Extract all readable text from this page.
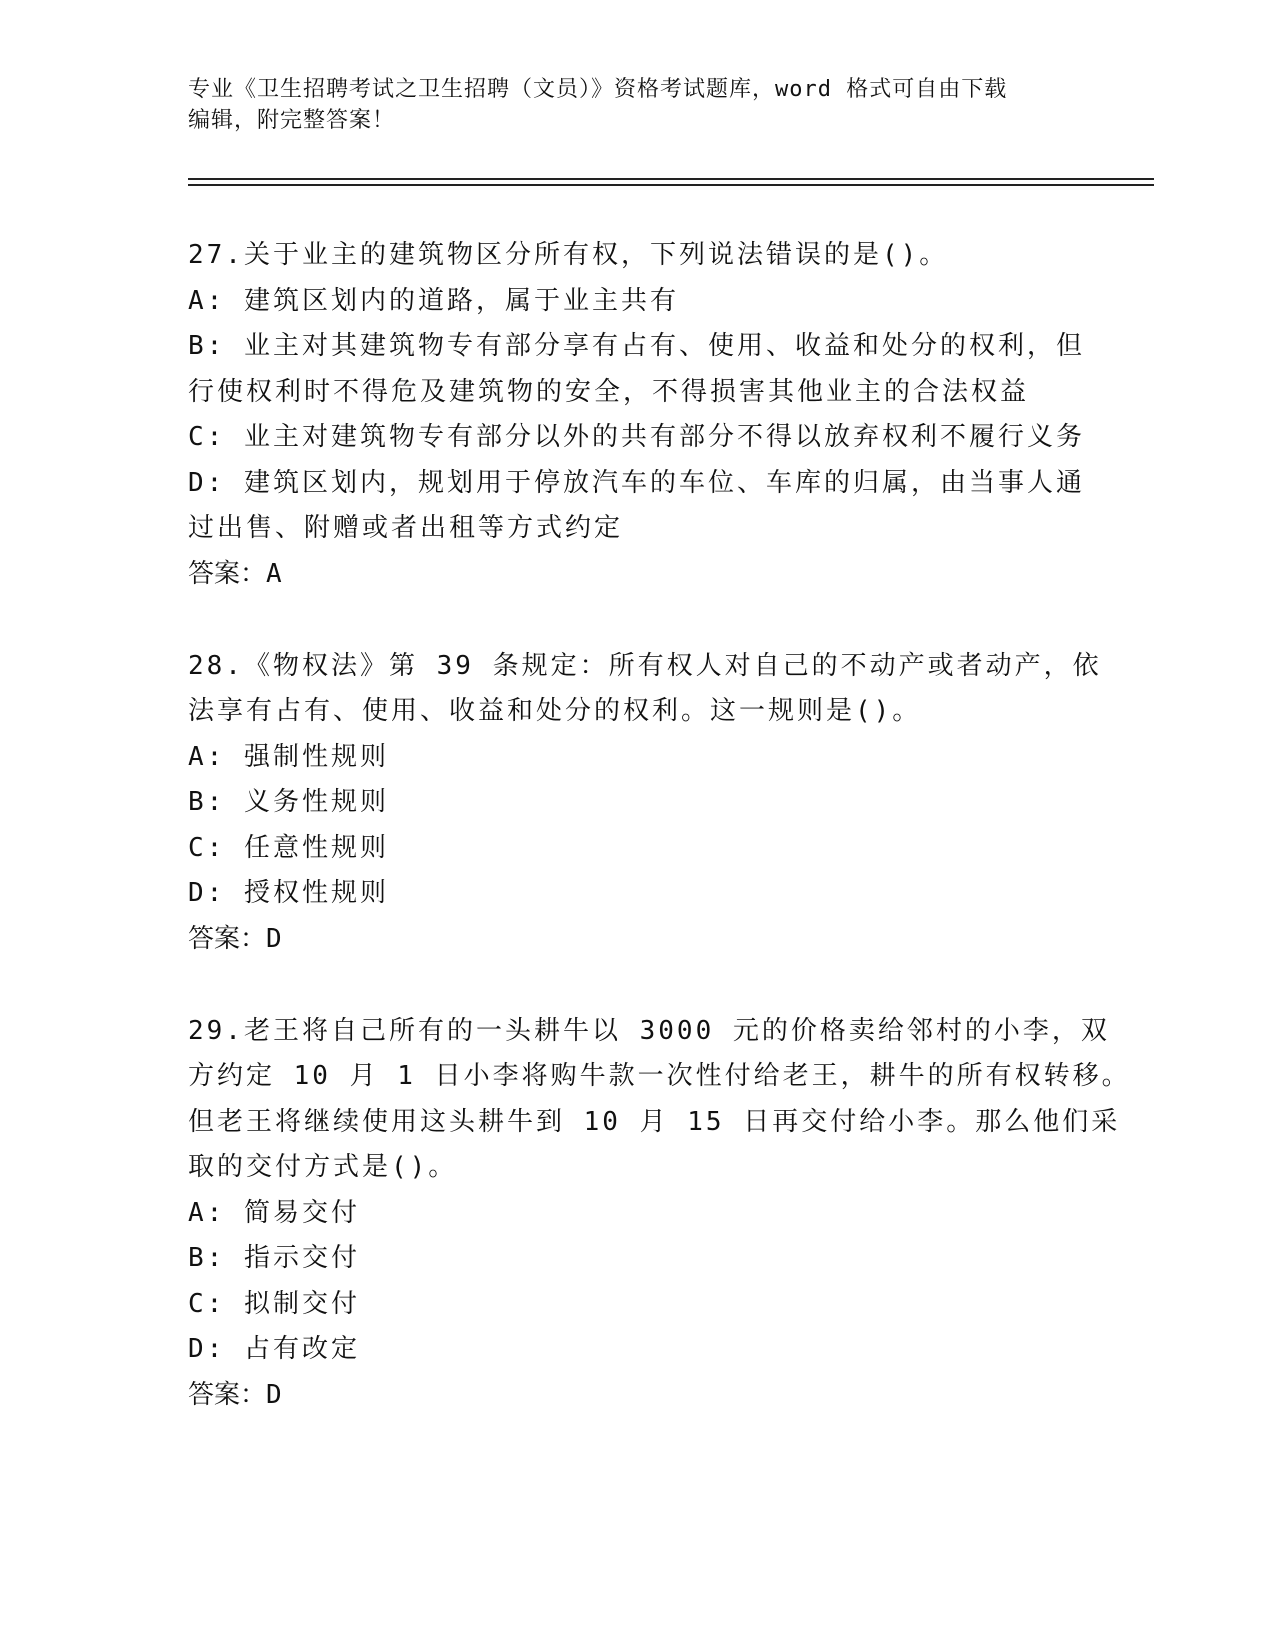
专业《卫生招聘考试之卫生招聘（文员）》资格考试题库，word 格式可自由下载
编辑，附完整答案！
27.关于业主的建筑物区分所有权，下列说法错误的是()。
A: 建筑区划内的道路，属于业主共有
B: 业主对其建筑物专有部分享有占有、使用、收益和处分的权利，但
行使权利时不得危及建筑物的安全，不得损害其他业主的合法权益
C: 业主对建筑物专有部分以外的共有部分不得以放弃权利不履行义务
D: 建筑区划内，规划用于停放汽车的车位、车库的归属，由当事人通
过出售、附赠或者出租等方式约定
答案：A
28.《物权法》第 39 条规定：所有权人对自己的不动产或者动产，依
法享有占有、使用、收益和处分的权利。这一规则是()。
A: 强制性规则
B: 义务性规则
C: 任意性规则
D: 授权性规则
答案：D
29.老王将自己所有的一头耕牛以 3000 元的价格卖给邻村的小李，双
方约定 10 月 1 日小李将购牛款一次性付给老王，耕牛的所有权转移。
但老王将继续使用这头耕牛到 10 月 15 日再交付给小李。那么他们采
取的交付方式是()。
A: 简易交付
B: 指示交付
C: 拟制交付
D: 占有改定
答案：D
